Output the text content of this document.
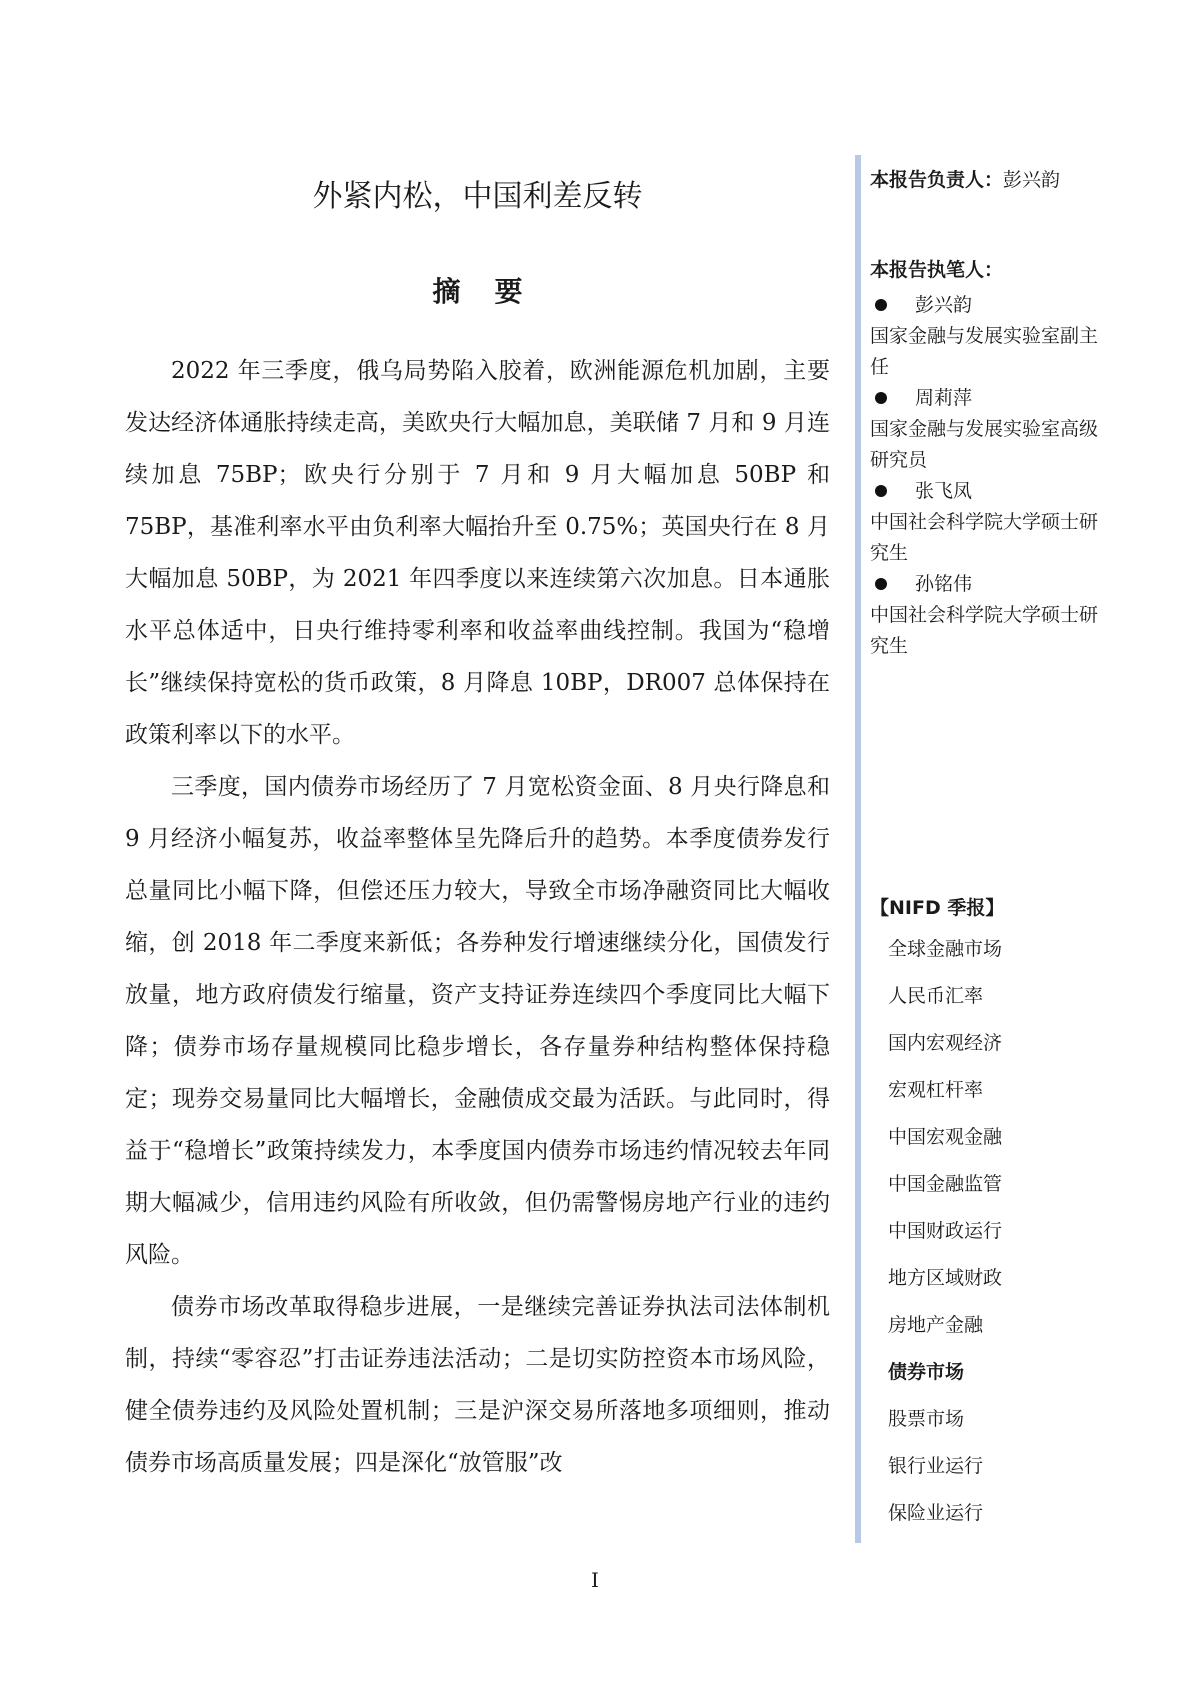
外紧内松，中国利差反转
摘要

2022 年三季度，俄乌局势陷入胶着，欧洲能源危机加剧，主要发达经济体通胀持续走高，美欧央行大幅加息，美联储 7 月和 9 月连续加息 75BP；欧央行分别于 7 月和 9 月大幅加息 50BP 和 75BP，基准利率水平由负利率大幅抬升至 0.75%；英国央行在 8 月大幅加息 50BP，为 2021 年四季度以来连续第六次加息。日本通胀水平总体适中，日央行维持零利率和收益率曲线控制。我国为“稳增长”继续保持宽松的货币政策，8 月降息 10BP，DR007 总体保持在政策利率以下的水平。

三季度，国内债券市场经历了 7 月宽松资金面、8 月央行降息和 9 月经济小幅复苏，收益率整体呈先降后升的趋势。本季度债券发行总量同比小幅下降，但偿还压力较大，导致全市场净融资同比大幅收缩，创 2018 年二季度来新低；各券种发行增速继续分化，国债发行放量，地方政府债发行缩量，资产支持证券连续四个季度同比大幅下降；债券市场存量规模同比稳步增长，各存量券种结构整体保持稳定；现券交易量同比大幅增长，金融债成交最为活跃。与此同时，得益于“稳增长”政策持续发力，本季度国内债券市场违约情况较去年同期大幅减少，信用违约风险有所收敛，但仍需警惕房地产行业的违约风险。

债券市场改革取得稳步进展，一是继续完善证券执法司法体制机制，持续“零容忍”打击证券违法活动；二是切实防控资本市场风险，健全债券违约及风险处置机制；三是沪深交易所落地多项细则，推动债券市场高质量发展；四是深化“放管服”改

本报告负责人：彭兴韵
本报告执笔人：
彭兴韵
国家金融与发展实验室副主任
周莉萍
国家金融与发展实验室高级研究员
张飞凤
中国社会科学院大学硕士研究生
孙铭伟
中国社会科学院大学硕士研究生
【NIFD 季报】
全球金融市场
人民币汇率
国内宏观经济
宏观杠杆率
中国宏观金融
中国金融监管
中国财政运行
地方区域财政
房地产金融
债券市场
股票市场
银行业运行
保险业运行
I
